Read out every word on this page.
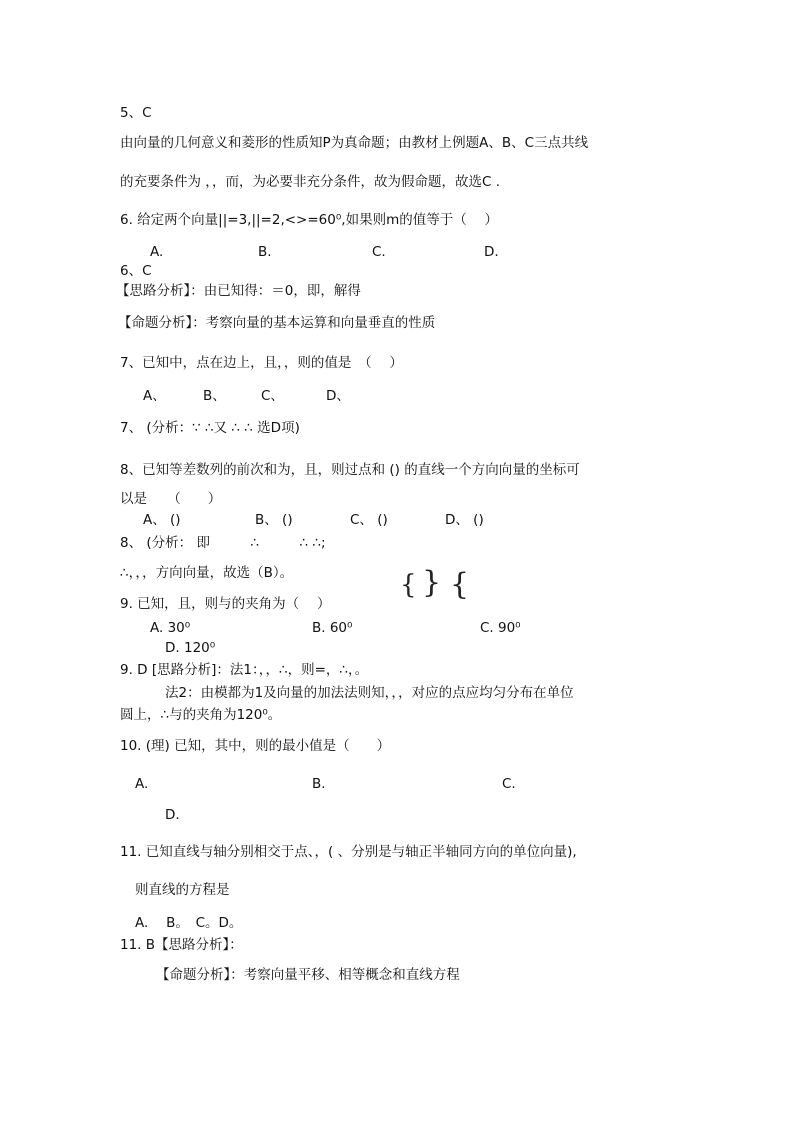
5、C
由向量的几何意义和菱形的性质知P为真命题；由教材上例题A、B、C三点共线
的充要条件为 ，，而，为必要非充分条件，故为假命题，故选C .
6. 给定两个向量||=3,||=2,<>=60⁰,如果则m的值等于（　 ）
A.	B.	C.	D.
6、C
【思路分析】：由已知得：＝0，即，解得
【命题分析】：考察向量的基本运算和向量垂直的性质
7、已知中，点在边上，且，，则的值是　（　 ）
A、	B、	C、	D、
7、 (分析：∵ ∴又 ∴ ∴ 选D项)
8、已知等差数列的前次和为，且，则过点和 () 的直线一个方向向量的坐标可
以是　　（　　）
A、 ()	B、 ()	C、 ()	D、 ()
8、 (分析： 即　　　∴　　　∴ ∴;
∴，，，方向向量，故选（B）。	{ } {
9. 已知，且，则与的夹角为（　 ）
A. 30⁰	B. 60⁰	C. 90⁰
D. 120⁰
9. D [思路分析]：法1：，，∴，则=，∴，。
法2：由模都为1及向量的加法法则知，，，对应的点应均匀分布在单位
圆上，∴与的夹角为120⁰。
10. (理) 已知，其中，则的最小值是（　　）
A.	B.	C.
D.
11. 已知直线与轴分别相交于点、，( 、分别是与轴正半轴同方向的单位向量),
则直线的方程是
A.　 B。　C。D。
11. B【思路分析】：
【命题分析】：考察向量平移、相等概念和直线方程
